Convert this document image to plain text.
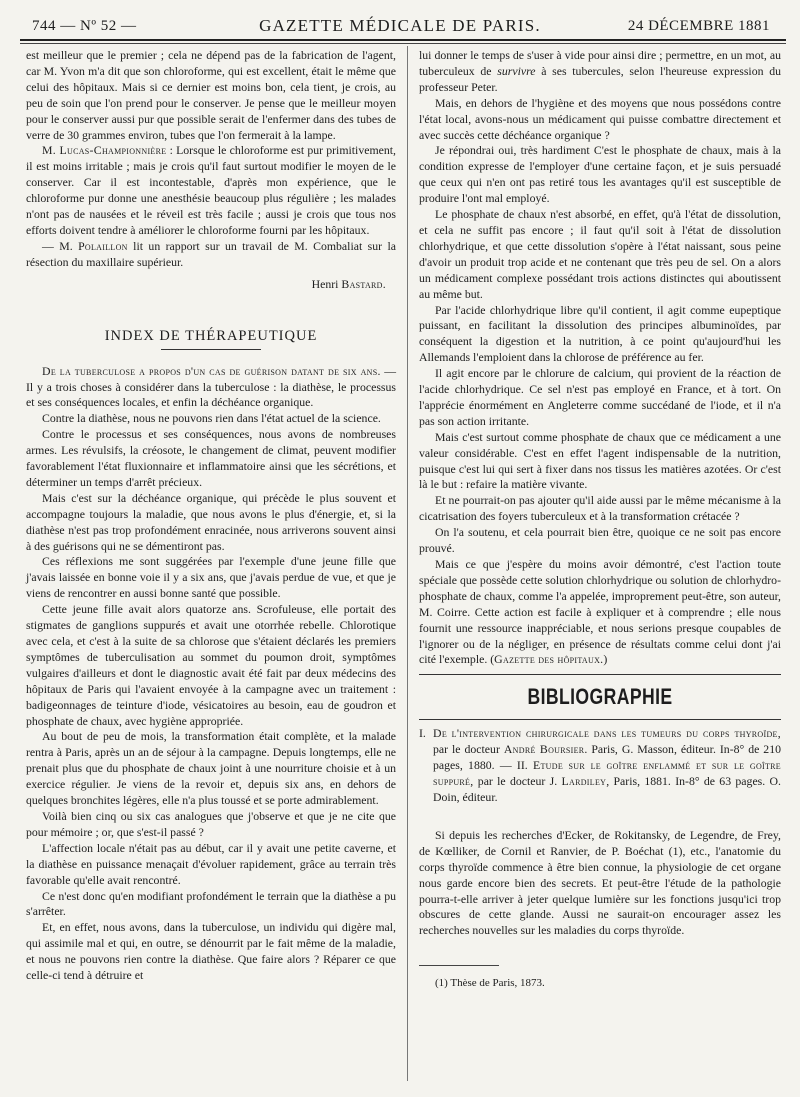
744 — Nº 52 —	GAZETTE MÉDICALE DE PARIS.	24 DÉCEMBRE 1881

est meilleur que le premier ; cela ne dépend pas de la fabrication de l'agent, car M. Yvon m'a dit que son chloroforme, qui est excellent, était le même que celui des hôpitaux. Mais si ce dernier est moins bon, cela tient, je crois, au peu de soin que l'on prend pour le conserver. Je pense que le meilleur moyen pour le conserver aussi pur que possible serait de l'enfermer dans des tubes de verre de 30 grammes environ, tubes que l'on fermerait à la lampe.

M. Lucas-Championnière : Lorsque le chloroforme est pur primitivement, il est moins irritable ; mais je crois qu'il faut surtout modifier le moyen de le conserver. Car il est incontestable, d'après mon expérience, que le chloroforme pur donne une anesthésie beaucoup plus régulière ; les malades n'ont pas de nausées et le réveil est très facile ; aussi je crois que tous nos efforts doivent tendre à améliorer le chloroforme fourni par les hôpitaux.

— M. Polaillon lit un rapport sur un travail de M. Combaliat sur la résection du maxillaire supérieur.

Henri Bastard.
INDEX DE THÉRAPEUTIQUE

De la tuberculose a propos d'un cas de guérison datant de six ans. — Il y a trois choses à considérer dans la tuberculose : la diathèse, le processus et ses conséquences locales, et enfin la déchéance organique.

Contre la diathèse, nous ne pouvons rien dans l'état actuel de la science.

Contre le processus et ses conséquences, nous avons de nombreuses armes. Les révulsifs, la créosote, le changement de climat, peuvent modifier favorablement l'état fluxionnaire et inflammatoire ainsi que les sécrétions, et déterminer un temps d'arrêt précieux.

Mais c'est sur la déchéance organique, qui précède le plus souvent et accompagne toujours la maladie, que nous avons le plus d'énergie, et, si la diathèse n'est pas trop profondément enracinée, nous arriverons souvent ainsi à des guérisons qui ne se démentiront pas.

Ces réflexions me sont suggérées par l'exemple d'une jeune fille que j'avais laissée en bonne voie il y a six ans, que j'avais perdue de vue, et que je viens de rencontrer en aussi bonne santé que possible.

Cette jeune fille avait alors quatorze ans. Scrofuleuse, elle portait des stigmates de ganglions suppurés et avait une otorrhée rebelle. Chlorotique avec cela, et c'est à la suite de sa chlorose que s'étaient déclarés les premiers symptômes de tuberculisation au sommet du poumon droit, symptômes vulgaires d'ailleurs et dont le diagnostic avait été fait par deux médecins des hôpitaux de Paris qui l'avaient envoyée à la campagne avec un traitement : badigeonnages de teinture d'iode, vésicatoires au besoin, eau de goudron et phosphate de chaux, avec hygiène appropriée.

Au bout de peu de mois, la transformation était complète, et la malade rentra à Paris, après un an de séjour à la campagne. Depuis longtemps, elle ne prenait plus que du phosphate de chaux joint à une nourriture choisie et à un exercice régulier. Je viens de la revoir et, depuis six ans, en dehors de quelques bronchites légères, elle n'a plus toussé et se porte admirablement.

Voilà bien cinq ou six cas analogues que j'observe et que je ne cite que pour mémoire ; or, que s'est-il passé ?

L'affection locale n'était pas au début, car il y avait une petite caverne, et la diathèse en puissance menaçait d'évoluer rapidement, grâce au terrain très favorable qu'elle avait rencontré.

Ce n'est donc qu'en modifiant profondément le terrain que la diathèse a pu s'arrêter.

Et, en effet, nous avons, dans la tuberculose, un individu qui digère mal, qui assimile mal et qui, en outre, se dénourrit par le fait même de la maladie, et nous ne pouvons rien contre la diathèse. Que faire alors ? Réparer ce que celle-ci tend à détruire et

lui donner le temps de s'user à vide pour ainsi dire ; permettre, en un mot, au tuberculeux de survivre à ses tubercules, selon l'heureuse expression du professeur Peter.

Mais, en dehors de l'hygiène et des moyens que nous possédons contre l'état local, avons-nous un médicament qui puisse combattre directement et avec succès cette déchéance organique ?

Je répondrai oui, très hardiment C'est le phosphate de chaux, mais à la condition expresse de l'employer d'une certaine façon, et je suis persuadé que ceux qui n'en ont pas retiré tous les avantages qu'il est susceptible de produire l'ont mal employé.

Le phosphate de chaux n'est absorbé, en effet, qu'à l'état de dissolution, et cela ne suffit pas encore ; il faut qu'il soit à l'état de dissolution chlorhydrique, et que cette dissolution s'opère à l'état naissant, sous peine d'avoir un produit trop acide et ne contenant que très peu de sel. On a alors un médicament complexe possédant trois actions distinctes qui aboutissent au même but.

Par l'acide chlorhydrique libre qu'il contient, il agit comme eupeptique puissant, en facilitant la dissolution des principes albuminoïdes, par conséquent la digestion et la nutrition, à ce point qu'aujourd'hui les Allemands l'emploient dans la chlorose de préférence au fer.

Il agit encore par le chlorure de calcium, qui provient de la réaction de l'acide chlorhydrique. Ce sel n'est pas employé en France, et à tort. On l'apprécie énormément en Angleterre comme succédané de l'iode, et il n'a pas son action irritante.

Mais c'est surtout comme phosphate de chaux que ce médicament a une valeur considérable. C'est en effet l'agent indispensable de la nutrition, puisque c'est lui qui sert à fixer dans nos tissus les matières azotées. Or c'est là le but : refaire la matière vivante.

Et ne pourrait-on pas ajouter qu'il aide aussi par le même mécanisme à la cicatrisation des foyers tuberculeux et à la transformation crétacée ?

On l'a soutenu, et cela pourrait bien être, quoique ce ne soit pas encore prouvé.

Mais ce que j'espère du moins avoir démontré, c'est l'action toute spéciale que possède cette solution chlorhydrique ou solution de chlorhydro-phosphate de chaux, comme l'a appelée, improprement peut-être, son auteur, M. Coirre. Cette action est facile à expliquer et à comprendre ; elle nous fournit une ressource inappréciable, et nous serions presque coupables de l'ignorer ou de la négliger, en présence de résultats comme celui dont j'ai cité l'exemple. (Gazette des hôpitaux.)

BIBLIOGRAPHIE

I. De l'intervention chirurgicale dans les tumeurs du corps thyroïde, par le docteur André Boursier. Paris, G. Masson, éditeur. In-8° de 210 pages, 1880. — II. Etude sur le goître enflammé et sur le goître suppuré, par le docteur J. Lardiley, Paris, 1881. In-8° de 63 pages. O. Doin, éditeur.

Si depuis les recherches d'Ecker, de Rokitansky, de Legendre, de Frey, de Kœlliker, de Cornil et Ranvier, de P. Boéchat (1), etc., l'anatomie du corps thyroïde commence à être bien connue, la physiologie de cet organe nous garde encore bien des secrets. Et peut-être l'étude de la pathologie pourra-t-elle arriver à jeter quelque lumière sur les fonctions jusqu'ici trop obscures de cette glande. Aussi ne saurait-on encourager assez les recherches nouvelles sur les maladies du corps thyroïde.

(1) Thèse de Paris, 1873.
